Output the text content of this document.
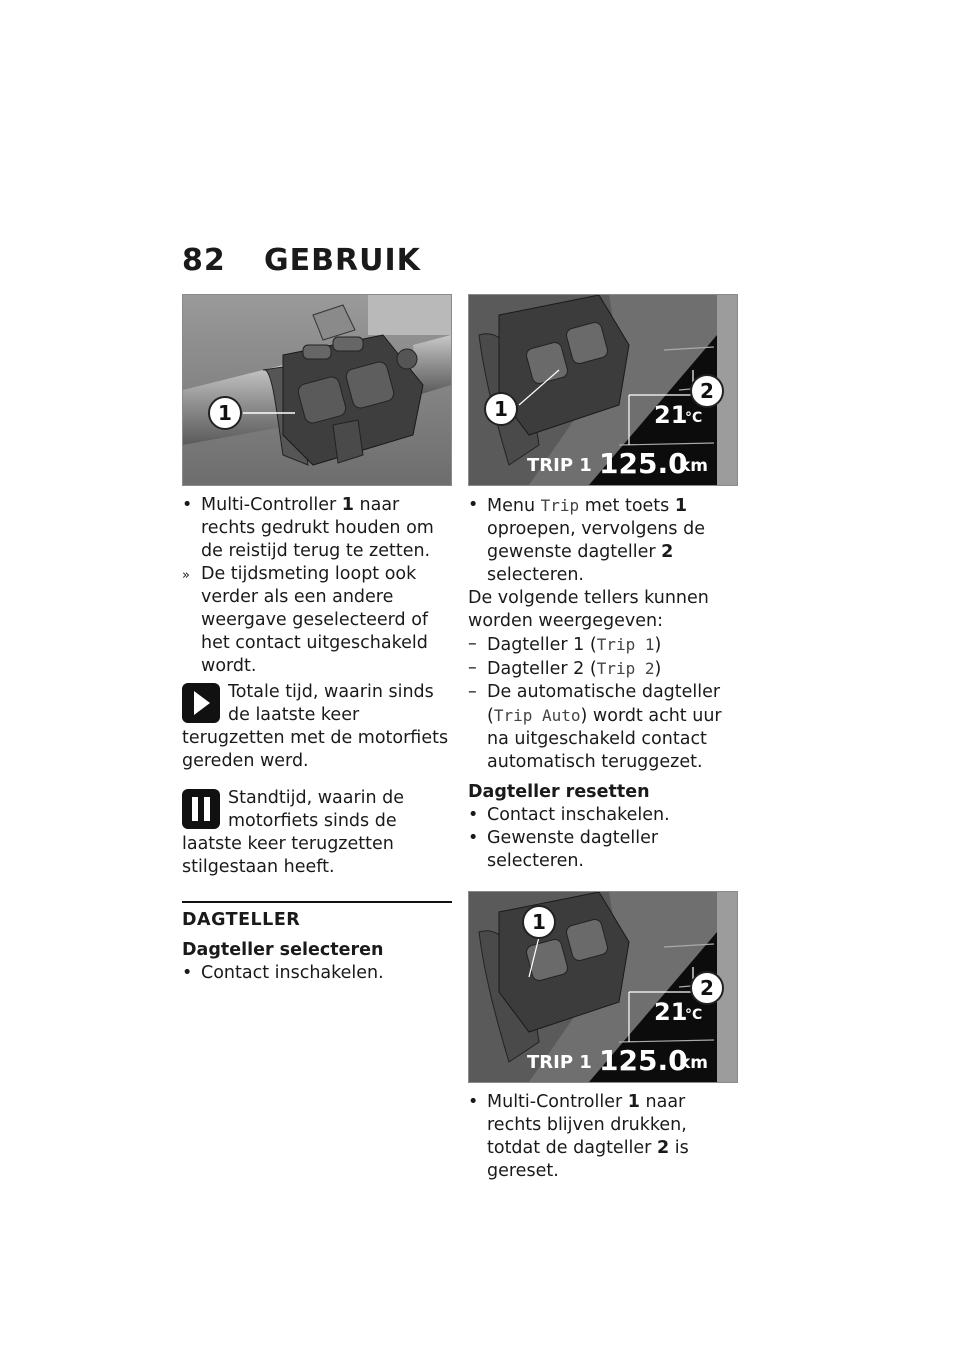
82 GEBRUIK
1

• Multi-Controller 1 naar rechts gedrukt houden om de reistijd terug te zetten.

» De tijdsmeting loopt ook verder als een andere weergave geselecteerd of het contact uitgeschakeld wordt.

Totale tijd, waarin sinds de laatste keer terugzetten met de motorfiets gereden werd.

Standtijd, waarin de motorfiets sinds de laatste keer terugzetten stilgestaan heeft.

DAGTELLER
Dagteller selecteren

• Contact inschakelen.

21
°C
TRIP 1 125.0
km
1
2

• Menu Trip met toets 1 oproepen, vervolgens de gewenste dagteller 2 selecteren.

De volgende tellers kunnen worden weergegeven:

– Dagteller 1 (Trip 1)

– Dagteller 2 (Trip 2)

– De automatische dagteller (Trip Auto) wordt acht uur na uitgeschakeld contact automatisch teruggezet.

Dagteller resetten

• Contact inschakelen.

• Gewenste dagteller selecteren.

21
°C
TRIP 1 125.0
km
1
2

• Multi-Controller 1 naar rechts blijven drukken, totdat de dagteller 2 is gereset.
